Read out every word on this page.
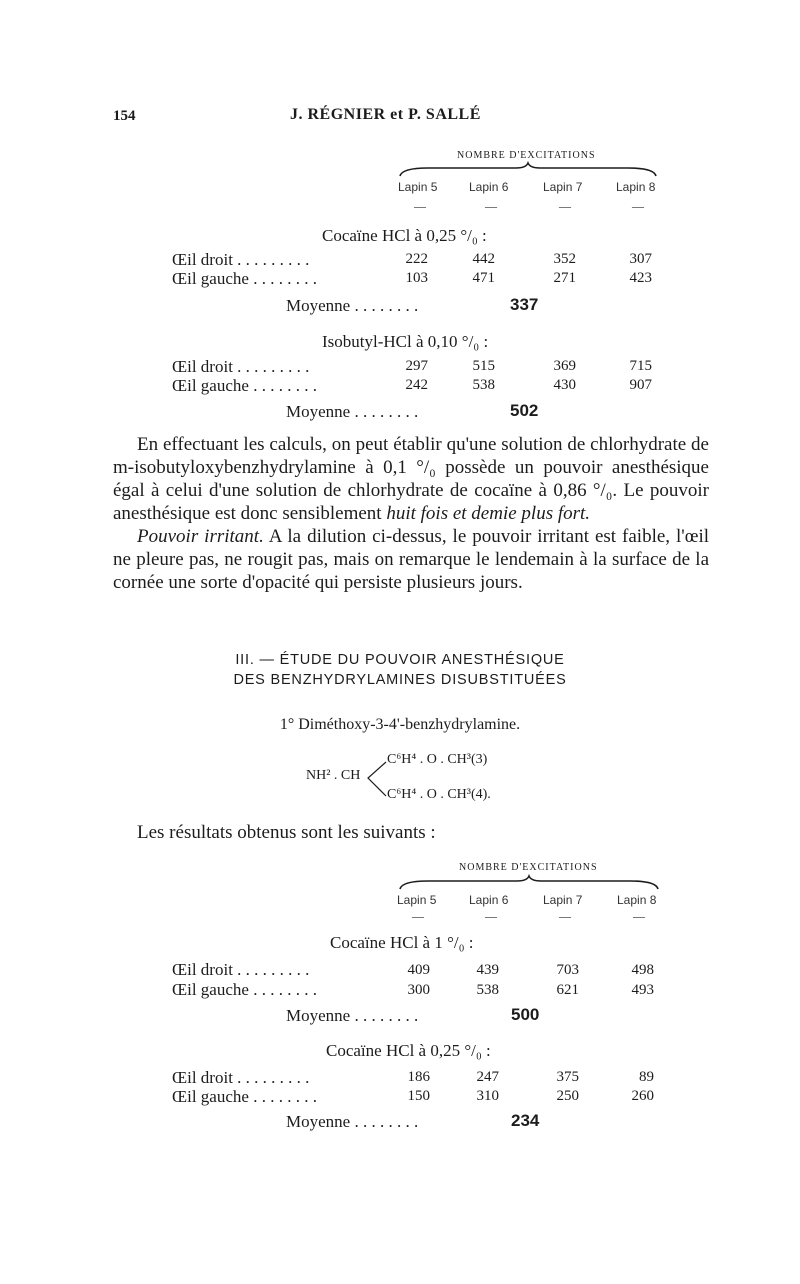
154	J. RÉGNIER et P. SALLÉ
NOMBRE D'EXCITATIONS
Lapin 5	Lapin 6	Lapin 7	Lapin 8
—	—	—	—
Cocaïne HCl à 0,25 °/₀ :
Œil droit . . . . . . . . .	222	442	352	307
Œil gauche . . . . . . . .	103	471	271	423
Moyenne . . . . . . . .	337
Isobutyl-HCl à 0,10 °/₀ :
Œil droit . . . . . . . . .	297	515	369	715
Œil gauche . . . . . . . .	242	538	430	907
Moyenne . . . . . . . .	502

En effectuant les calculs, on peut établir qu'une solution de chlorhydrate de m-isobutyloxybenzhydrylamine à 0,1 °/₀ possède un pouvoir anesthésique égal à celui d'une solution de chlorhydrate de cocaïne à 0,86 °/₀. Le pouvoir anesthésique est donc sensiblement huit fois et demie plus fort.

Pouvoir irritant. A la dilution ci-dessus, le pouvoir irritant est faible, l'œil ne pleure pas, ne rougit pas, mais on remarque le lendemain à la surface de la cornée une sorte d'opacité qui persiste plusieurs jours.

III. — ÉTUDE DU POUVOIR ANESTHÉSIQUE
DES BENZHYDRYLAMINES DISUBSTITUÉES
1° Diméthoxy-3-4'-benzhydrylamine.
NH² . CH
C⁶H⁴ . O . CH³(3)
C⁶H⁴ . O . CH³(4).
Les résultats obtenus sont les suivants :
NOMBRE D'EXCITATIONS
Lapin 5	Lapin 6	Lapin 7	Lapin 8
—	—	—	—
Cocaïne HCl à 1 °/₀ :
Œil droit . . . . . . . . .	409	439	703	498
Œil gauche . . . . . . . .	300	538	621	493
Moyenne . . . . . . . .	500
Cocaïne HCl à 0,25 °/₀ :
Œil droit . . . . . . . . .	186	247	375	89
Œil gauche . . . . . . . .	150	310	250	260
Moyenne . . . . . . . .	234
